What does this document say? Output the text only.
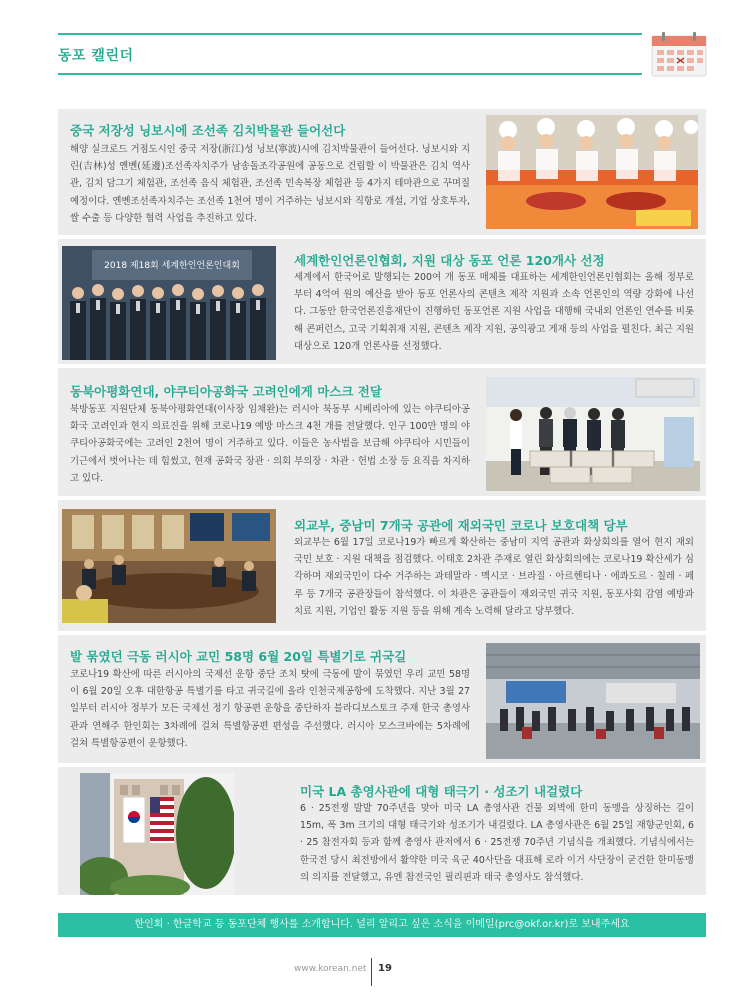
동포 캘린더
중국 저장성 닝보시에 조선족 김치박물관 들어선다
해양 실크로드 거점도시인 중국 저장(浙江)성 닝보(寧波)시에 김치박물관이 들어선다. 닝보시와 지린(吉林)성 옌볜(延邊)조선족자치주가 남송돌조각공원에 공동으로 건립할 이 박물관은 김치 역사관, 김치 담그기 체험관, 조선족 음식 체험관, 조선족 민속복장 체험관 등 4가지 테마관으로 꾸며질 예정이다. 옌볜조선족자치주는 조선족 1천여 명이 거주하는 닝보시와 직항로 개설, 기업 상호투자, 쌀 수출 등 다양한 협력 사업을 추진하고 있다.
2018 제18회 세계한인언론인대회	세계한인언론인협회, 지원 대상 동포 언론 120개사 선정
세계에서 한국어로 발행되는 200여 개 동포 매체를 대표하는 세계한인언론인협회는 올해 정부로부터 4억여 원의 예산을 받아 동포 언론사의 콘텐츠 제작 지원과 소속 언론인의 역량 강화에 나선다. 그동안 한국언론진흥재단이 진행하던 동포언론 지원 사업을 대행해 국내외 언론인 연수를 비롯해 콘퍼런스, 고국 기획취재 지원, 콘텐츠 제작 지원, 공익광고 게재 등의 사업을 펼친다. 최근 지원 대상으로 120개 언론사를 선정했다.
동북아평화연대, 야쿠티아공화국 고려인에게 마스크 전달
북방동포 지원단체 동북아평화연대(이사장 임채완)는 러시아 북동부 시베리아에 있는 야쿠티아공화국 고려인과 현지 의료진을 위해 코로나19 예방 마스크 4천 개를 전달했다. 인구 100만 명의 야쿠티아공화국에는 고려인 2천여 명이 거주하고 있다. 이들은 농사법을 보급해 야쿠티아 시민들이 기근에서 벗어나는 데 힘썼고, 현재 공화국 장관 · 의회 부의장 · 차관 · 헌법 소장 등 요직을 차지하고 있다.
외교부, 중남미 7개국 공관에 재외국민 코로나 보호대책 당부
외교부는 6월 17일 코로나19가 빠르게 확산하는 중남미 지역 공관과 화상회의를 열어 현지 재외국민 보호 · 지원 대책을 점검했다. 이태호 2차관 주재로 열린 화상회의에는 코로나19 확산세가 심각하며 재외국민이 다수 거주하는 과테말라 · 멕시코 · 브라질 · 아르헨티나 · 에콰도르 · 칠레 · 페루 등 7개국 공관장들이 참석했다. 이 차관은 공관들이 재외국민 귀국 지원, 동포사회 감염 예방과 치료 지원, 기업인 활동 지원 등을 위해 계속 노력해 달라고 당부했다.
발 묶였던 극동 러시아 교민 58명 6월 20일 특별기로 귀국길
코로나19 확산에 따른 러시아의 국제선 운항 중단 조치 탓에 극동에 발이 묶였던 우리 교민 58명이 6월 20일 오후 대한항공 특별기를 타고 귀국길에 올라 인천국제공항에 도착했다. 지난 3월 27일부터 러시아 정부가 모든 국제선 정기 항공편 운항을 중단하자 블라디보스토크 주재 한국 총영사관과 연해주 한인회는 3차례에 걸쳐 특별항공편 편성을 주선했다. 러시아 모스크바에는 5차례에 걸쳐 특별항공편이 운항했다.
미국 LA 총영사관에 대형 태극기 · 성조기 내걸렸다
6 · 25전쟁 발발 70주년을 맞아 미국 LA 총영사관 건물 외벽에 한미 동맹을 상징하는 길이 15m, 폭 3m 크기의 대형 태극기와 성조기가 내걸렸다. LA 총영사관은 6월 25일 재향군인회, 6 · 25 참전자회 등과 함께 총영사 관저에서 6 · 25전쟁 70주년 기념식을 개최했다. 기념식에서는 한국전 당시 최전방에서 활약한 미국 육군 40사단을 대표해 로라 이거 사단장이 굳건한 한미동맹의 의지를 전달했고, 유엔 참전국인 필리핀과 태국 총영사도 참석했다.
한인회 · 한글학교 등 동포단체 행사를 소개합니다. 널리 알리고 싶은 소식을 이메일(prc@okf.or.kr)로 보내주세요
www.korean.net 19
